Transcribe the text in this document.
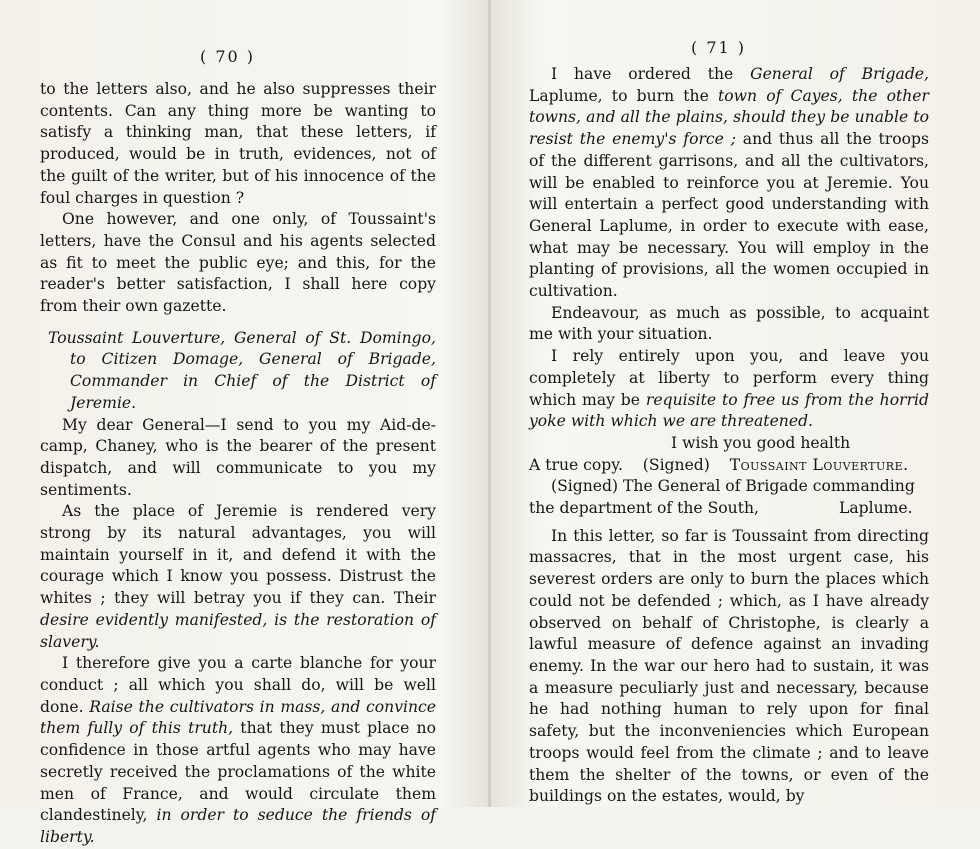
( 70 )

to the letters also, and he also suppresses their contents. Can any thing more be wanting to satisfy a thinking man, that these letters, if produced, would be in truth, evidences, not of the guilt of the writer, but of his innocence of the foul charges in question ?

One however, and one only, of Toussaint's letters, have the Consul and his agents selected as fit to meet the public eye; and this, for the reader's better satisfaction, I shall here copy from their own gazette.

Toussaint Louverture, General of St. Domingo, to Citizen Domage, General of Brigade, Commander in Chief of the District of Jeremie.

My dear General—I send to you my Aid-de-camp, Chaney, who is the bearer of the present dispatch, and will communicate to you my sentiments.

As the place of Jeremie is rendered very strong by its natural advantages, you will maintain yourself in it, and defend it with the courage which I know you possess. Distrust the whites ; they will betray you if they can. Their desire evidently manifested, is the restoration of slavery.

I therefore give you a carte blanche for your conduct ; all which you shall do, will be well done. Raise the cultivators in mass, and convince them fully of this truth, that they must place no confidence in those artful agents who may have secretly received the proclamations of the white men of France, and would circulate them clandestinely, in order to seduce the friends of liberty.

( 71 )

I have ordered the General of Brigade, Laplume, to burn the town of Cayes, the other towns, and all the plains, should they be unable to resist the enemy's force ; and thus all the troops of the different garrisons, and all the cultivators, will be enabled to reinforce you at Jeremie. You will entertain a perfect good understanding with General Laplume, in order to execute with ease, what may be necessary. You will employ in the planting of provisions, all the women occupied in cultivation.

Endeavour, as much as possible, to acquaint me with your situation.

I rely entirely upon you, and leave you completely at liberty to perform every thing which may be requisite to free us from the horrid yoke with which we are threatened.

I wish you good health

A true copy. (Signed) Toussaint Louverture.

(Signed) The General of Brigade commanding

the department of the South,	Laplume.

In this letter, so far is Toussaint from directing massacres, that in the most urgent case, his severest orders are only to burn the places which could not be defended ; which, as I have already observed on behalf of Christophe, is clearly a lawful measure of defence against an invading enemy. In the war our hero had to sustain, it was a measure peculiarly just and necessary, because he had nothing human to rely upon for final safety, but the inconveniencies which European troops would feel from the climate ; and to leave them the shelter of the towns, or even of the buildings on the estates, would, by
